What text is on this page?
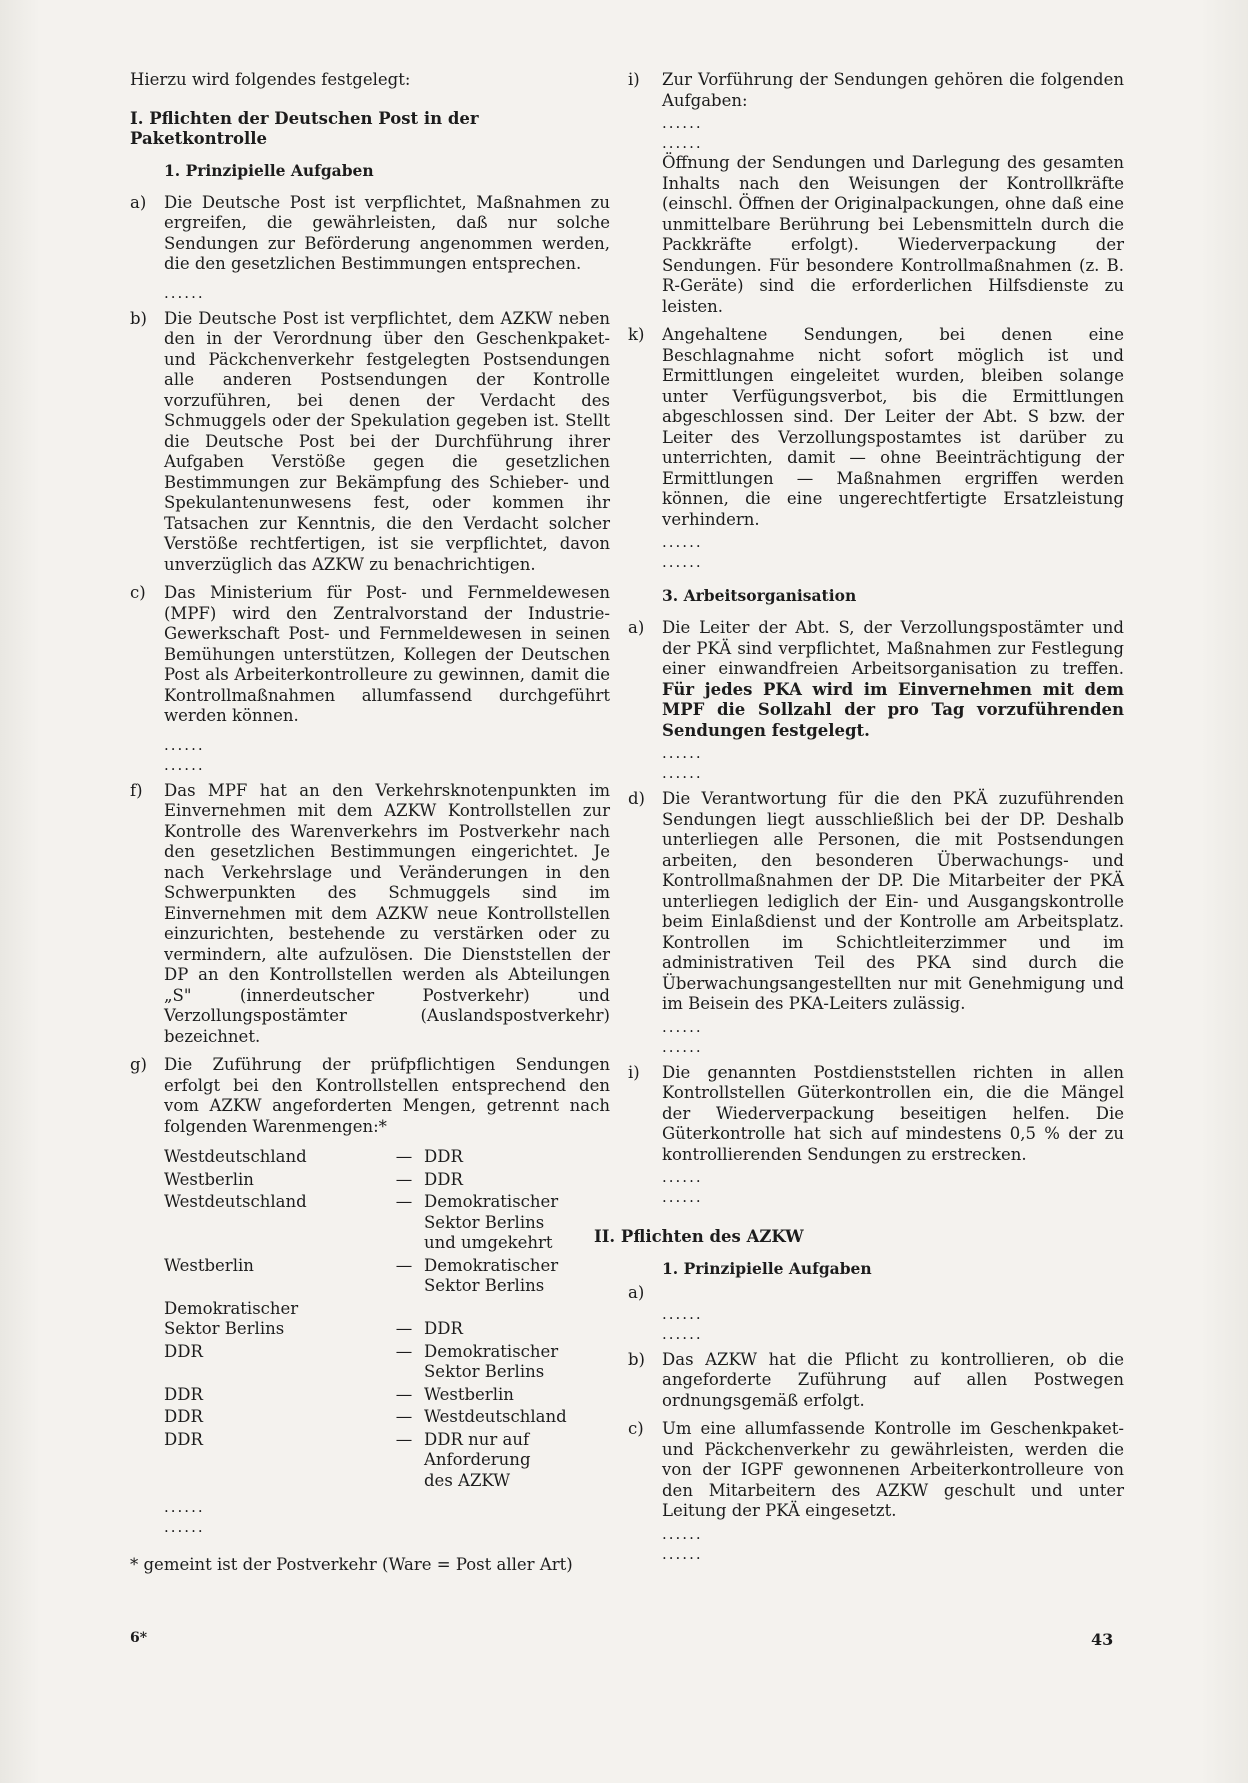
Hierzu wird folgendes festgelegt:

I. Pflichten der Deutschen Post in der Paketkontrolle

1. Prinzipielle Aufgaben

a)	Die Deutsche Post ist verpflichtet, Maßnahmen zu ergreifen, die gewährleisten, daß nur solche Sendungen zur Beförderung angenommen werden, die den gesetzlichen Bestimmungen entsprechen.

......

b)	Die Deutsche Post ist verpflichtet, dem AZKW neben den in der Verordnung über den Geschenkpaket- und Päckchenverkehr festgelegten Postsendungen alle anderen Postsendungen der Kontrolle vorzuführen, bei denen der Verdacht des Schmuggels oder der Spekulation gegeben ist. Stellt die Deutsche Post bei der Durchführung ihrer Aufgaben Verstöße gegen die gesetzlichen Bestimmungen zur Bekämpfung des Schieber- und Spekulantenunwesens fest, oder kommen ihr Tatsachen zur Kenntnis, die den Verdacht solcher Verstöße rechtfertigen, ist sie verpflichtet, davon unverzüglich das AZKW zu benachrichtigen.
c)	Das Ministerium für Post- und Fernmeldewesen (MPF) wird den Zentralvorstand der Industrie-Gewerkschaft Post- und Fernmeldewesen in seinen Bemühungen unterstützen, Kollegen der Deutschen Post als Arbeiterkontrolleure zu gewinnen, damit die Kontrollmaßnahmen allumfassend durchgeführt werden können.

......

......

f)	Das MPF hat an den Verkehrsknotenpunkten im Einvernehmen mit dem AZKW Kontrollstellen zur Kontrolle des Warenverkehrs im Postverkehr nach den gesetzlichen Bestimmungen eingerichtet. Je nach Verkehrslage und Veränderungen in den Schwerpunkten des Schmuggels sind im Einvernehmen mit dem AZKW neue Kontrollstellen einzurichten, bestehende zu verstärken oder zu vermindern, alte aufzulösen. Die Dienststellen der DP an den Kontrollstellen werden als Abteilungen „S" (innerdeutscher Postverkehr) und Verzollungspostämter (Auslandspostverkehr) bezeichnet.
g)	Die Zuführung der prüfpflichtigen Sendungen erfolgt bei den Kontrollstellen entsprechend den vom AZKW angeforderten Mengen, getrennt nach folgenden Warenmengen:*
Westdeutschland	— DDR
Westberlin	— DDR
Westdeutschland	— Demokratischer Sektor Berlins und umgekehrt
Westberlin	— Demokratischer Sektor Berlins
Demokratischer Sektor Berlins	— DDR
DDR	— Demokratischer Sektor Berlins
DDR	— Westberlin
DDR	— Westdeutschland
DDR	— DDR nur auf Anforderung des AZKW

......

......

* gemeint ist der Postverkehr (Ware = Post aller Art)

i)	Zur Vorführung der Sendungen gehören die folgenden Aufgaben:

......

......

Öffnung der Sendungen und Darlegung des gesamten Inhalts nach den Weisungen der Kontrollkräfte (einschl. Öffnen der Originalpackungen, ohne daß eine unmittelbare Berührung bei Lebensmitteln durch die Packkräfte erfolgt). Wiederverpackung der Sendungen. Für besondere Kontrollmaßnahmen (z. B. R-Geräte) sind die erforderlichen Hilfsdienste zu leisten.

k)	Angehaltene Sendungen, bei denen eine Beschlagnahme nicht sofort möglich ist und Ermittlungen eingeleitet wurden, bleiben solange unter Verfügungsverbot, bis die Ermittlungen abgeschlossen sind. Der Leiter der Abt. S bzw. der Leiter des Verzollungspostamtes ist darüber zu unterrichten, damit — ohne Beeinträchtigung der Ermittlungen — Maßnahmen ergriffen werden können, die eine ungerechtfertigte Ersatzleistung verhindern.

......

......

3. Arbeitsorganisation

a)	Die Leiter der Abt. S, der Verzollungspostämter und der PKÄ sind verpflichtet, Maßnahmen zur Festlegung einer einwandfreien Arbeitsorganisation zu treffen. Für jedes PKA wird im Einvernehmen mit dem MPF die Sollzahl der pro Tag vorzuführenden Sendungen festgelegt.

......

......

d)	Die Verantwortung für die den PKÄ zuzuführenden Sendungen liegt ausschließlich bei der DP. Deshalb unterliegen alle Personen, die mit Postsendungen arbeiten, den besonderen Überwachungs- und Kontrollmaßnahmen der DP. Die Mitarbeiter der PKÄ unterliegen lediglich der Ein- und Ausgangskontrolle beim Einlaßdienst und der Kontrolle am Arbeitsplatz. Kontrollen im Schichtleiterzimmer und im administrativen Teil des PKA sind durch die Überwachungsangestellten nur mit Genehmigung und im Beisein des PKA-Leiters zulässig.

......

......

i)	Die genannten Postdienststellen richten in allen Kontrollstellen Güterkontrollen ein, die die Mängel der Wiederverpackung beseitigen helfen. Die Güterkontrolle hat sich auf mindestens 0,5 % der zu kontrollierenden Sendungen zu erstrecken.

......

......

II. Pflichten des AZKW

1. Prinzipielle Aufgaben

a)

......

......

b)	Das AZKW hat die Pflicht zu kontrollieren, ob die angeforderte Zuführung auf allen Postwegen ordnungsgemäß erfolgt.
c)	Um eine allumfassende Kontrolle im Geschenkpaket- und Päckchenverkehr zu gewährleisten, werden die von der IGPF gewonnenen Arbeiterkontrolleure von den Mitarbeitern des AZKW geschult und unter Leitung der PKÄ eingesetzt.

......

......

6*	43
